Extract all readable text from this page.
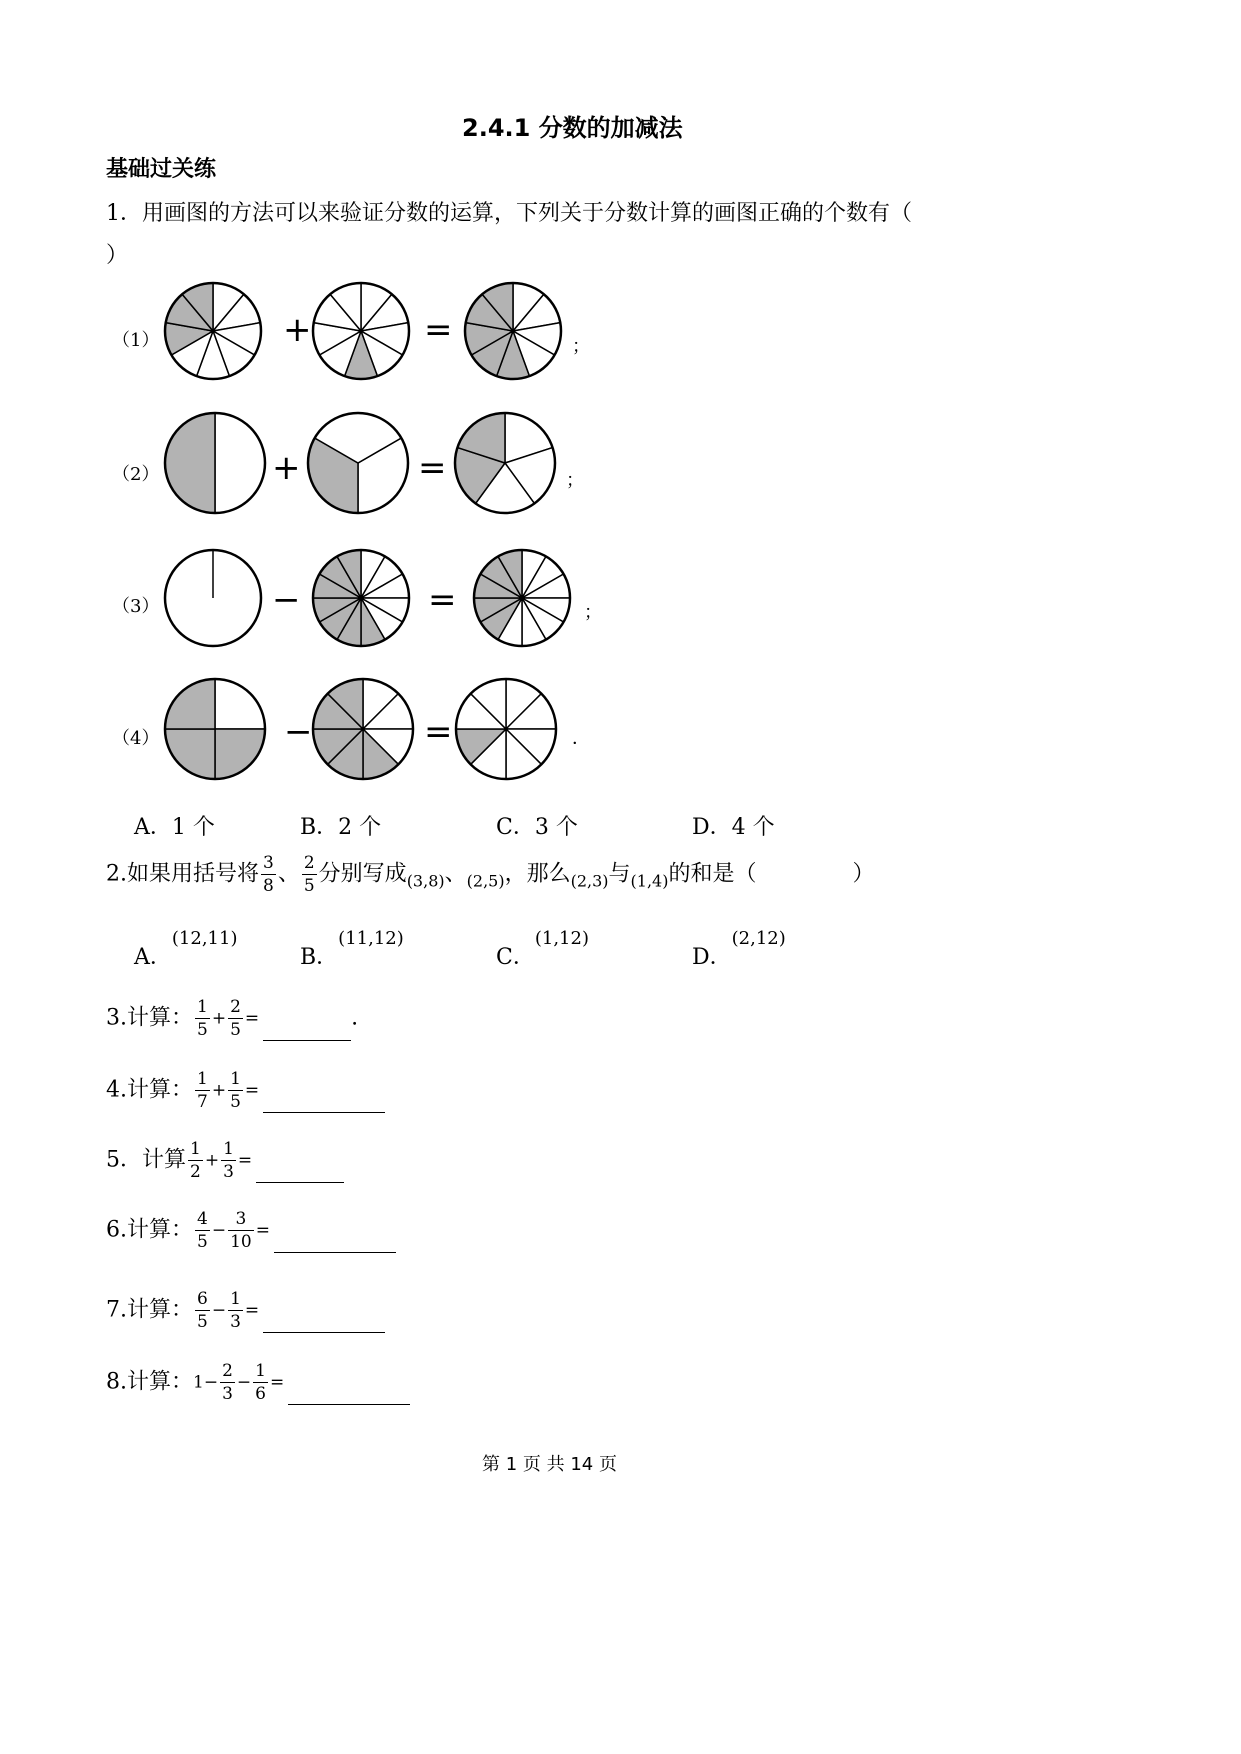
2.4.1 分数的加减法
基础过关练
1．用画图的方法可以来验证分数的运算，下列关于分数计算的画图正确的个数有（
）
（1）
（2）
（3）
（4）
+	=	；
+	=	；
−	=	；
−	=	．
A．1 个	B．2 个	C．3 个	D．4 个
2.如果用括号将 $\frac{3}{8}$ 、 $\frac{2}{5}$ 分别写成$_{(3,8)}$、$_{(2,5)}$，那么$_{(2,3)}$与$_{(1,4)}$的和是（	）
A．$^{(12,11)}$
B．$^{(11,12)}$
C．$^{(1,12)}$
D．$^{(2,12)}$
3.计算： $\frac{1}{5} + \frac{2}{5}$ =	.
4.计算： $\frac{1}{7} + \frac{1}{5}$ =
5．计算 $\frac{1}{2} + \frac{1}{3}$ =
6.计算： $\frac{4}{5} - \frac{3}{10}$ =
7.计算： $\frac{6}{5} - \frac{1}{3}$ =
8.计算：$1- \frac{2}{3} - \frac{1}{6}$ =
第 1 页 共 14 页
